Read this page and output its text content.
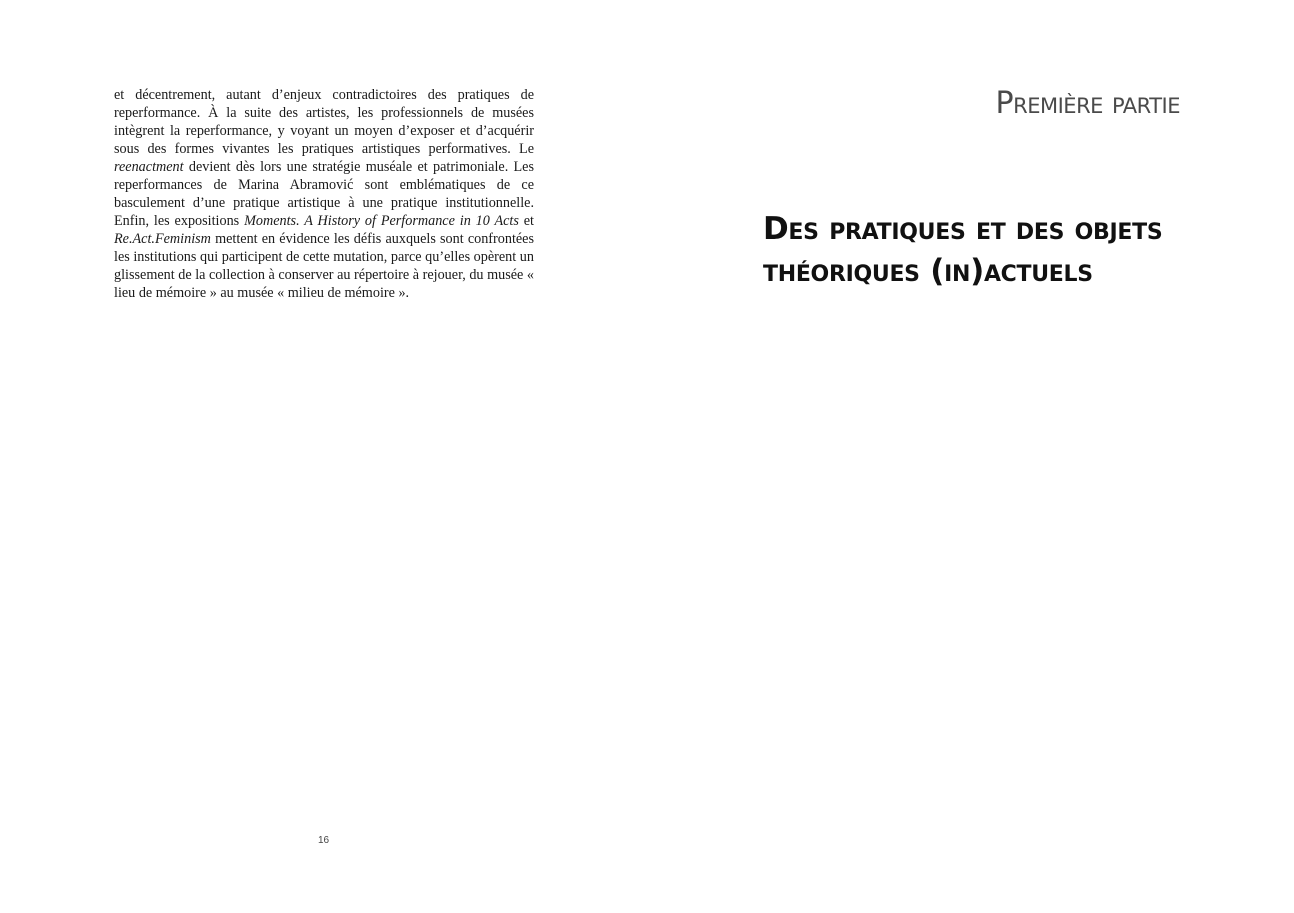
et décentrement, autant d’enjeux contradictoires des pratiques de reperformance. À la suite des artistes, les professionnels de musées intègrent la reperformance, y voyant un moyen d’exposer et d’acquérir sous des formes vivantes les pratiques artistiques performatives. Le reenactment devient dès lors une stratégie muséale et patrimoniale. Les reperformances de Marina Abramović sont emblématiques de ce basculement d’une pratique artistique à une pratique institutionnelle. Enfin, les expositions Moments. A History of Performance in 10 Acts et Re.Act.Feminism mettent en évidence les défis auxquels sont confrontées les institutions qui participent de cette mutation, parce qu’elles opèrent un glissement de la collection à conserver au répertoire à rejouer, du musée « lieu de mémoire » au musée « milieu de mémoire ».

16
Première partie
Des pratiques et des objets
théoriques (in)actuels
